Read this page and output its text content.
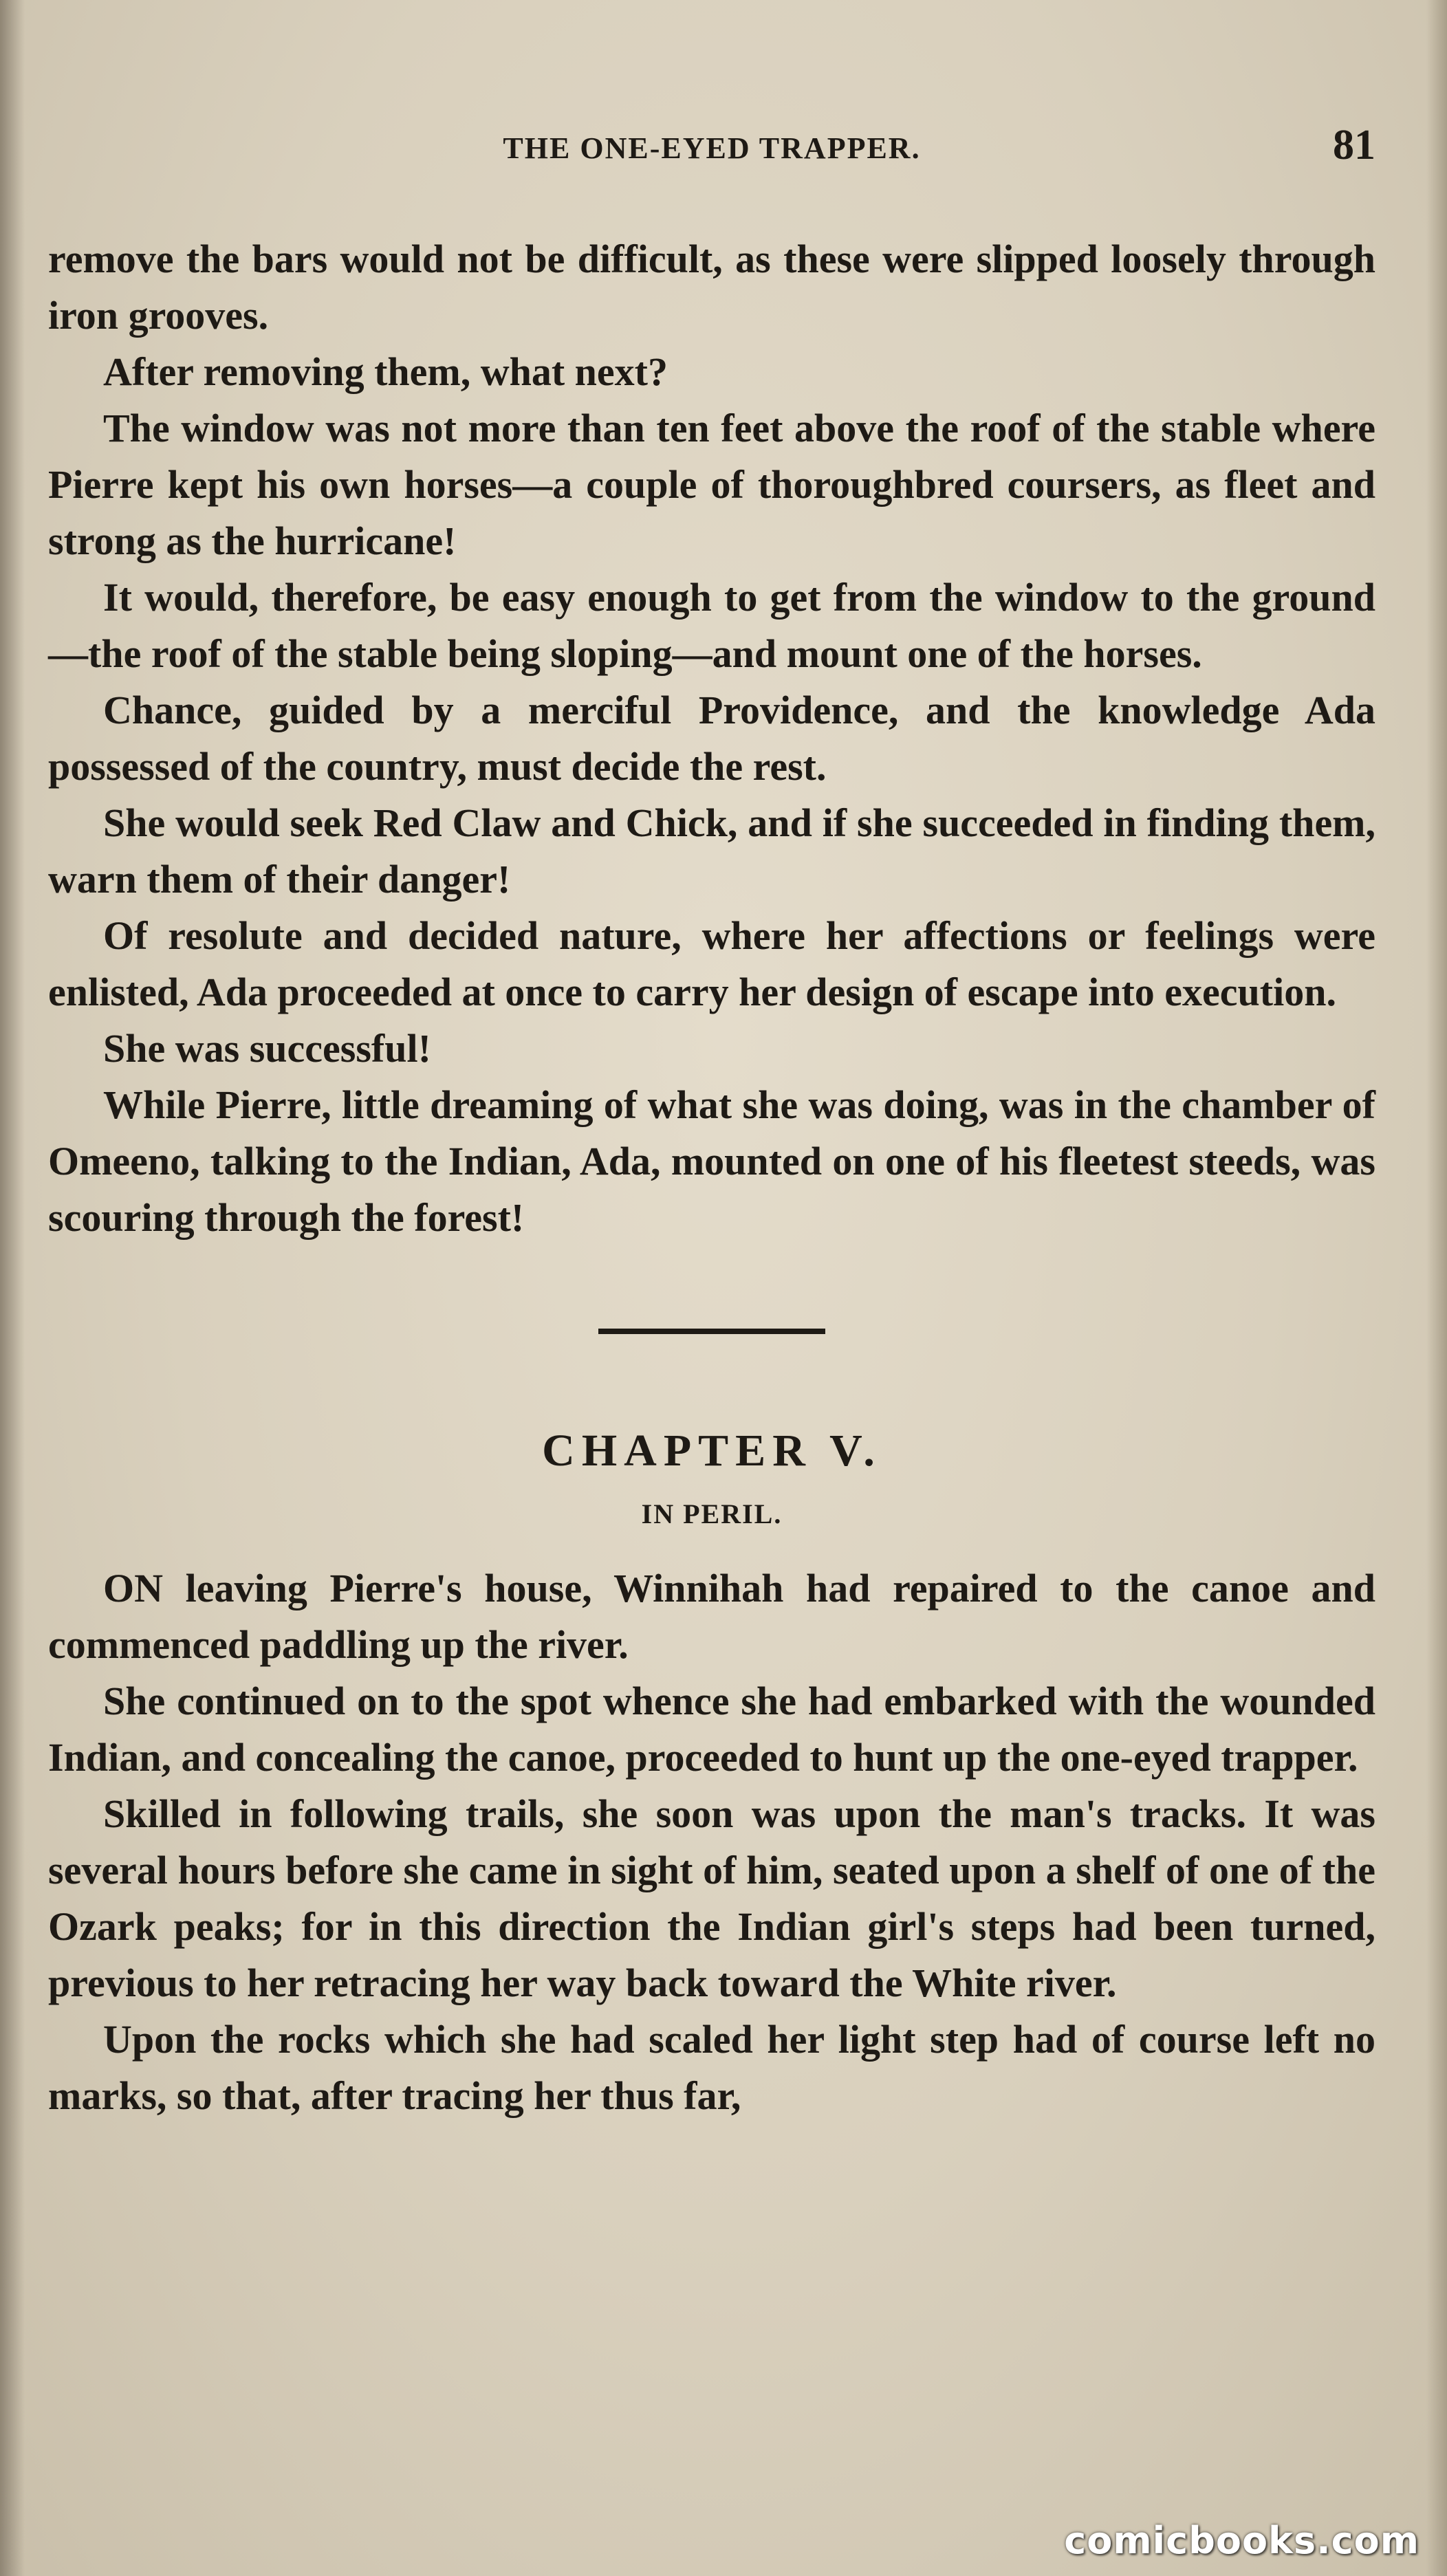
THE ONE-EYED TRAPPER.	81

remove the bars would not be difficult, as these were slipped loosely through iron grooves.

After removing them, what next?

The window was not more than ten feet above the roof of the stable where Pierre kept his own horses—a couple of thoroughbred coursers, as fleet and strong as the hurricane!

It would, therefore, be easy enough to get from the window to the ground—the roof of the stable being sloping—and mount one of the horses.

Chance, guided by a merciful Providence, and the knowledge Ada possessed of the country, must decide the rest.

She would seek Red Claw and Chick, and if she succeeded in finding them, warn them of their danger!

Of resolute and decided nature, where her affections or feelings were enlisted, Ada proceeded at once to carry her design of escape into execution.

She was successful!

While Pierre, little dreaming of what she was doing, was in the chamber of Omeeno, talking to the Indian, Ada, mounted on one of his fleetest steeds, was scouring through the forest!

CHAPTER V.

IN PERIL.

ON leaving Pierre's house, Winnihah had repaired to the canoe and commenced paddling up the river.

She continued on to the spot whence she had embarked with the wounded Indian, and concealing the canoe, proceeded to hunt up the one-eyed trapper.

Skilled in following trails, she soon was upon the man's tracks. It was several hours before she came in sight of him, seated upon a shelf of one of the Ozark peaks; for in this direction the Indian girl's steps had been turned, previous to her retracing her way back toward the White river.

Upon the rocks which she had scaled her light step had of course left no marks, so that, after tracing her thus far,

comicbooks.com
